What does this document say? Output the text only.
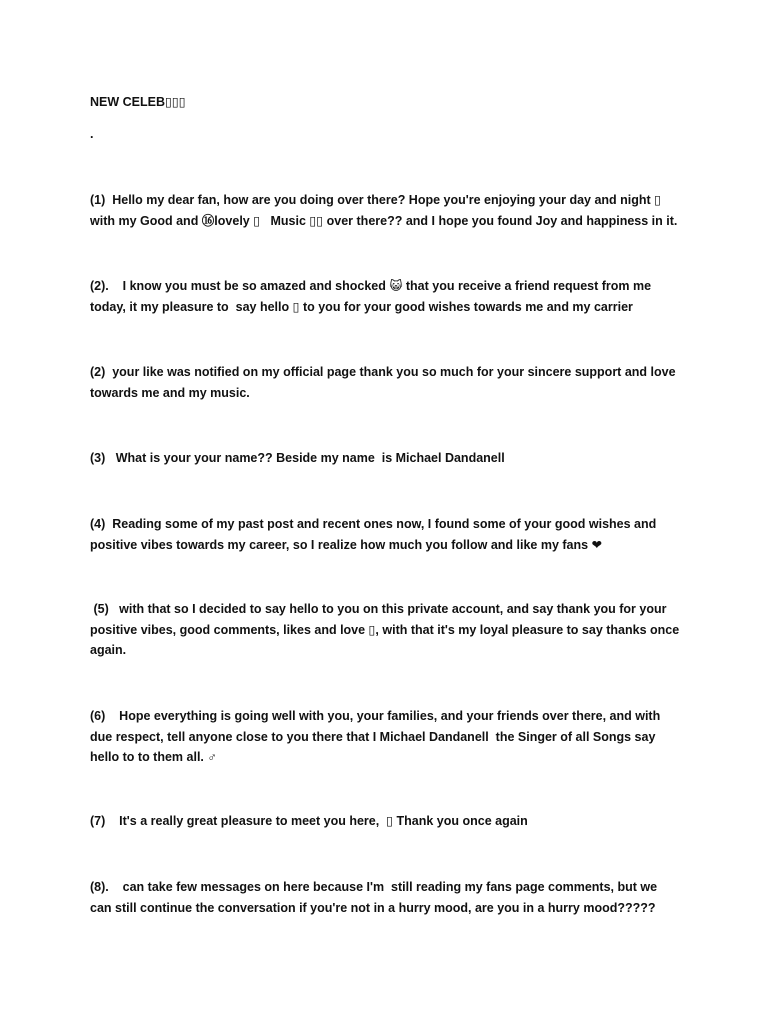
NEW CELEB▯▯▯
.
(1)  Hello my dear fan, how are you doing over there? Hope you're enjoying your day and night ▯ with my Good and ⑯lovely ▯   Music ▯▯ over there?? and I hope you found Joy and happiness in it.
(2).    I know you must be so amazed and shocked 😺 that you receive a friend request from me today, it my pleasure to  say hello ▯ to you for your good wishes towards me and my carrier
(2)  your like was notified on my official page thank you so much for your sincere support and love towards me and my music.
(3)   What is your your name?? Beside my name  is Michael Dandanell
(4)  Reading some of my past post and recent ones now, I found some of your good wishes and positive vibes towards my career, so I realize how much you follow and like my fans ❤
(5)   with that so I decided to say hello to you on this private account, and say thank you for your positive vibes, good comments, likes and love ▯, with that it's my loyal pleasure to say thanks once again.
(6)    Hope everything is going well with you, your families, and your friends over there, and with due respect, tell anyone close to you there that I Michael Dandanell  the Singer of all Songs say hello to to them all. ♂
(7)    It's a really great pleasure to meet you here,  ▯ Thank you once again
(8).    can take few messages on here because I'm  still reading my fans page comments, but we can still continue the conversation if you're not in a hurry mood, are you in a hurry mood?????
